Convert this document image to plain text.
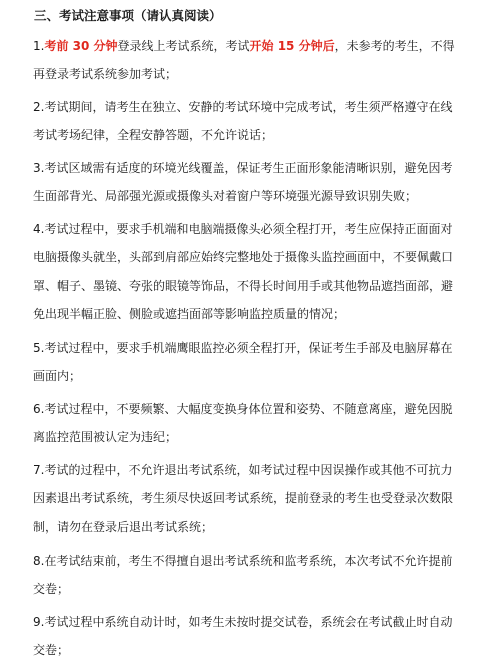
三、考试注意事项（请认真阅读）
1.考前 30 分钟登录线上考试系统，考试开始 15 分钟后，未参考的考生，不得
再登录考试系统参加考试；
2.考试期间，请考生在独立、安静的考试环境中完成考试，考生须严格遵守在线
考试考场纪律，全程安静答题，不允许说话；
3.考试区域需有适度的环境光线覆盖，保证考生正面形象能清晰识别，避免因考
生面部背光、局部强光源或摄像头对着窗户等环境强光源导致识别失败；
4.考试过程中，要求手机端和电脑端摄像头必须全程打开，考生应保持正面面对
电脑摄像头就坐，头部到肩部应始终完整地处于摄像头监控画面中，不要佩戴口
罩、帽子、墨镜、夸张的眼镜等饰品，不得长时间用手或其他物品遮挡面部，避
免出现半幅正脸、侧脸或遮挡面部等影响监控质量的情况；
5.考试过程中，要求手机端鹰眼监控必须全程打开，保证考生手部及电脑屏幕在
画面内；
6.考试过程中，不要频繁、大幅度变换身体位置和姿势、不随意离座，避免因脱
离监控范围被认定为违纪；
7.考试的过程中，不允许退出考试系统，如考试过程中因误操作或其他不可抗力
因素退出考试系统，考生须尽快返回考试系统，提前登录的考生也受登录次数限
制，请勿在登录后退出考试系统；
8.在考试结束前，考生不得擅自退出考试系统和监考系统，本次考试不允许提前
交卷；
9.考试过程中系统自动计时，如考生未按时提交试卷，系统会在考试截止时自动
交卷；
